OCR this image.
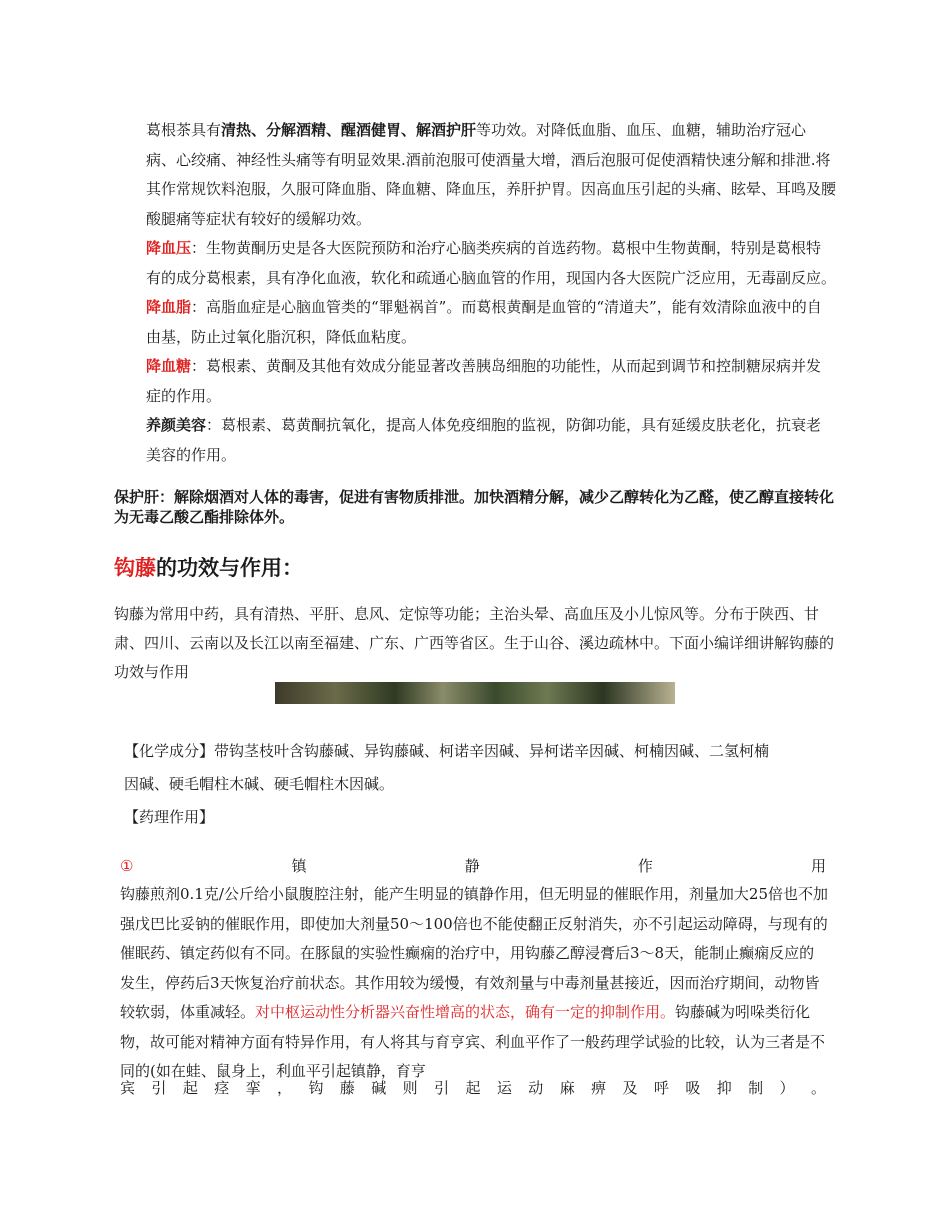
葛根茶具有清热、分解酒精、醒酒健胃、解酒护肝等功效。对降低血脂、血压、血糖，辅助治疗冠心病、心绞痛、神经性头痛等有明显效果.酒前泡服可使酒量大增，酒后泡服可促使酒精快速分解和排泄.将其作常规饮料泡服，久服可降血脂、降血糖、降血压，养肝护胃。因高血压引起的头痛、眩晕、耳鸣及腰酸腿痛等症状有较好的缓解功效。

降血压：生物黄酮历史是各大医院预防和治疗心脑类疾病的首选药物。葛根中生物黄酮，特别是葛根特有的成分葛根素，具有净化血液，软化和疏通心脑血管的作用，现国内各大医院广泛应用，无毒副反应。

降血脂：高脂血症是心脑血管类的“罪魁祸首”。而葛根黄酮是血管的“清道夫”，能有效清除血液中的自由基，防止过氧化脂沉积，降低血粘度。

降血糖：葛根素、黄酮及其他有效成分能显著改善胰岛细胞的功能性，从而起到调节和控制糖尿病并发症的作用。

养颜美容：葛根素、葛黄酮抗氧化，提高人体免疫细胞的监视，防御功能，具有延缓皮肤老化，抗衰老美容的作用。

保护肝：解除烟酒对人体的毒害，促进有害物质排泄。加快酒精分解，减少乙醇转化为乙醛，使乙醇直接转化为无毒乙酸乙酯排除体外。

钩藤的功效与作用：

钩藤为常用中药，具有清热、平肝、息风、定惊等功能；主治头晕、高血压及小儿惊风等。分布于陕西、甘肃、四川、云南以及长江以南至福建、广东、广西等省区。生于山谷、溪边疏林中。下面小编详细讲解钩藤的功效与作用

【化学成分】带钩茎枝叶含钩藤碱、异钩藤碱、柯诺辛因碱、异柯诺辛因碱、柯楠因碱、二氢柯楠
因碱、硬毛帽柱木碱、硬毛帽柱木因碱。

【药理作用】

①	镇	静	作	用

钩藤煎剂0.1克/公斤给小鼠腹腔注射，能产生明显的镇静作用，但无明显的催眠作用，剂量加大25倍也不加强戊巴比妥钠的催眠作用，即使加大剂量50～100倍也不能使翻正反射消失，亦不引起运动障碍，与现有的催眠药、镇定药似有不同。在豚鼠的实验性癫痫的治疗中，用钩藤乙醇浸膏后3～8天，能制止癫痫反应的发生，停药后3天恢复治疗前状态。其作用较为缓慢，有效剂量与中毒剂量甚接近，因而治疗期间，动物皆较软弱，体重减轻。对中枢运动性分析器兴奋性增高的状态，确有一定的抑制作用。钩藤碱为吲哚类衍化物，故可能对精神方面有特异作用，有人将其与育亨宾、利血平作了一般药理学试验的比较，认为三者是不同的(如在蛙、鼠身上，利血平引起镇静，育亨

宾 引 起 痉 挛 ， 钩 藤 碱 则 引 起 运 动 麻 痹 及 呼 吸 抑 制 ） 。
